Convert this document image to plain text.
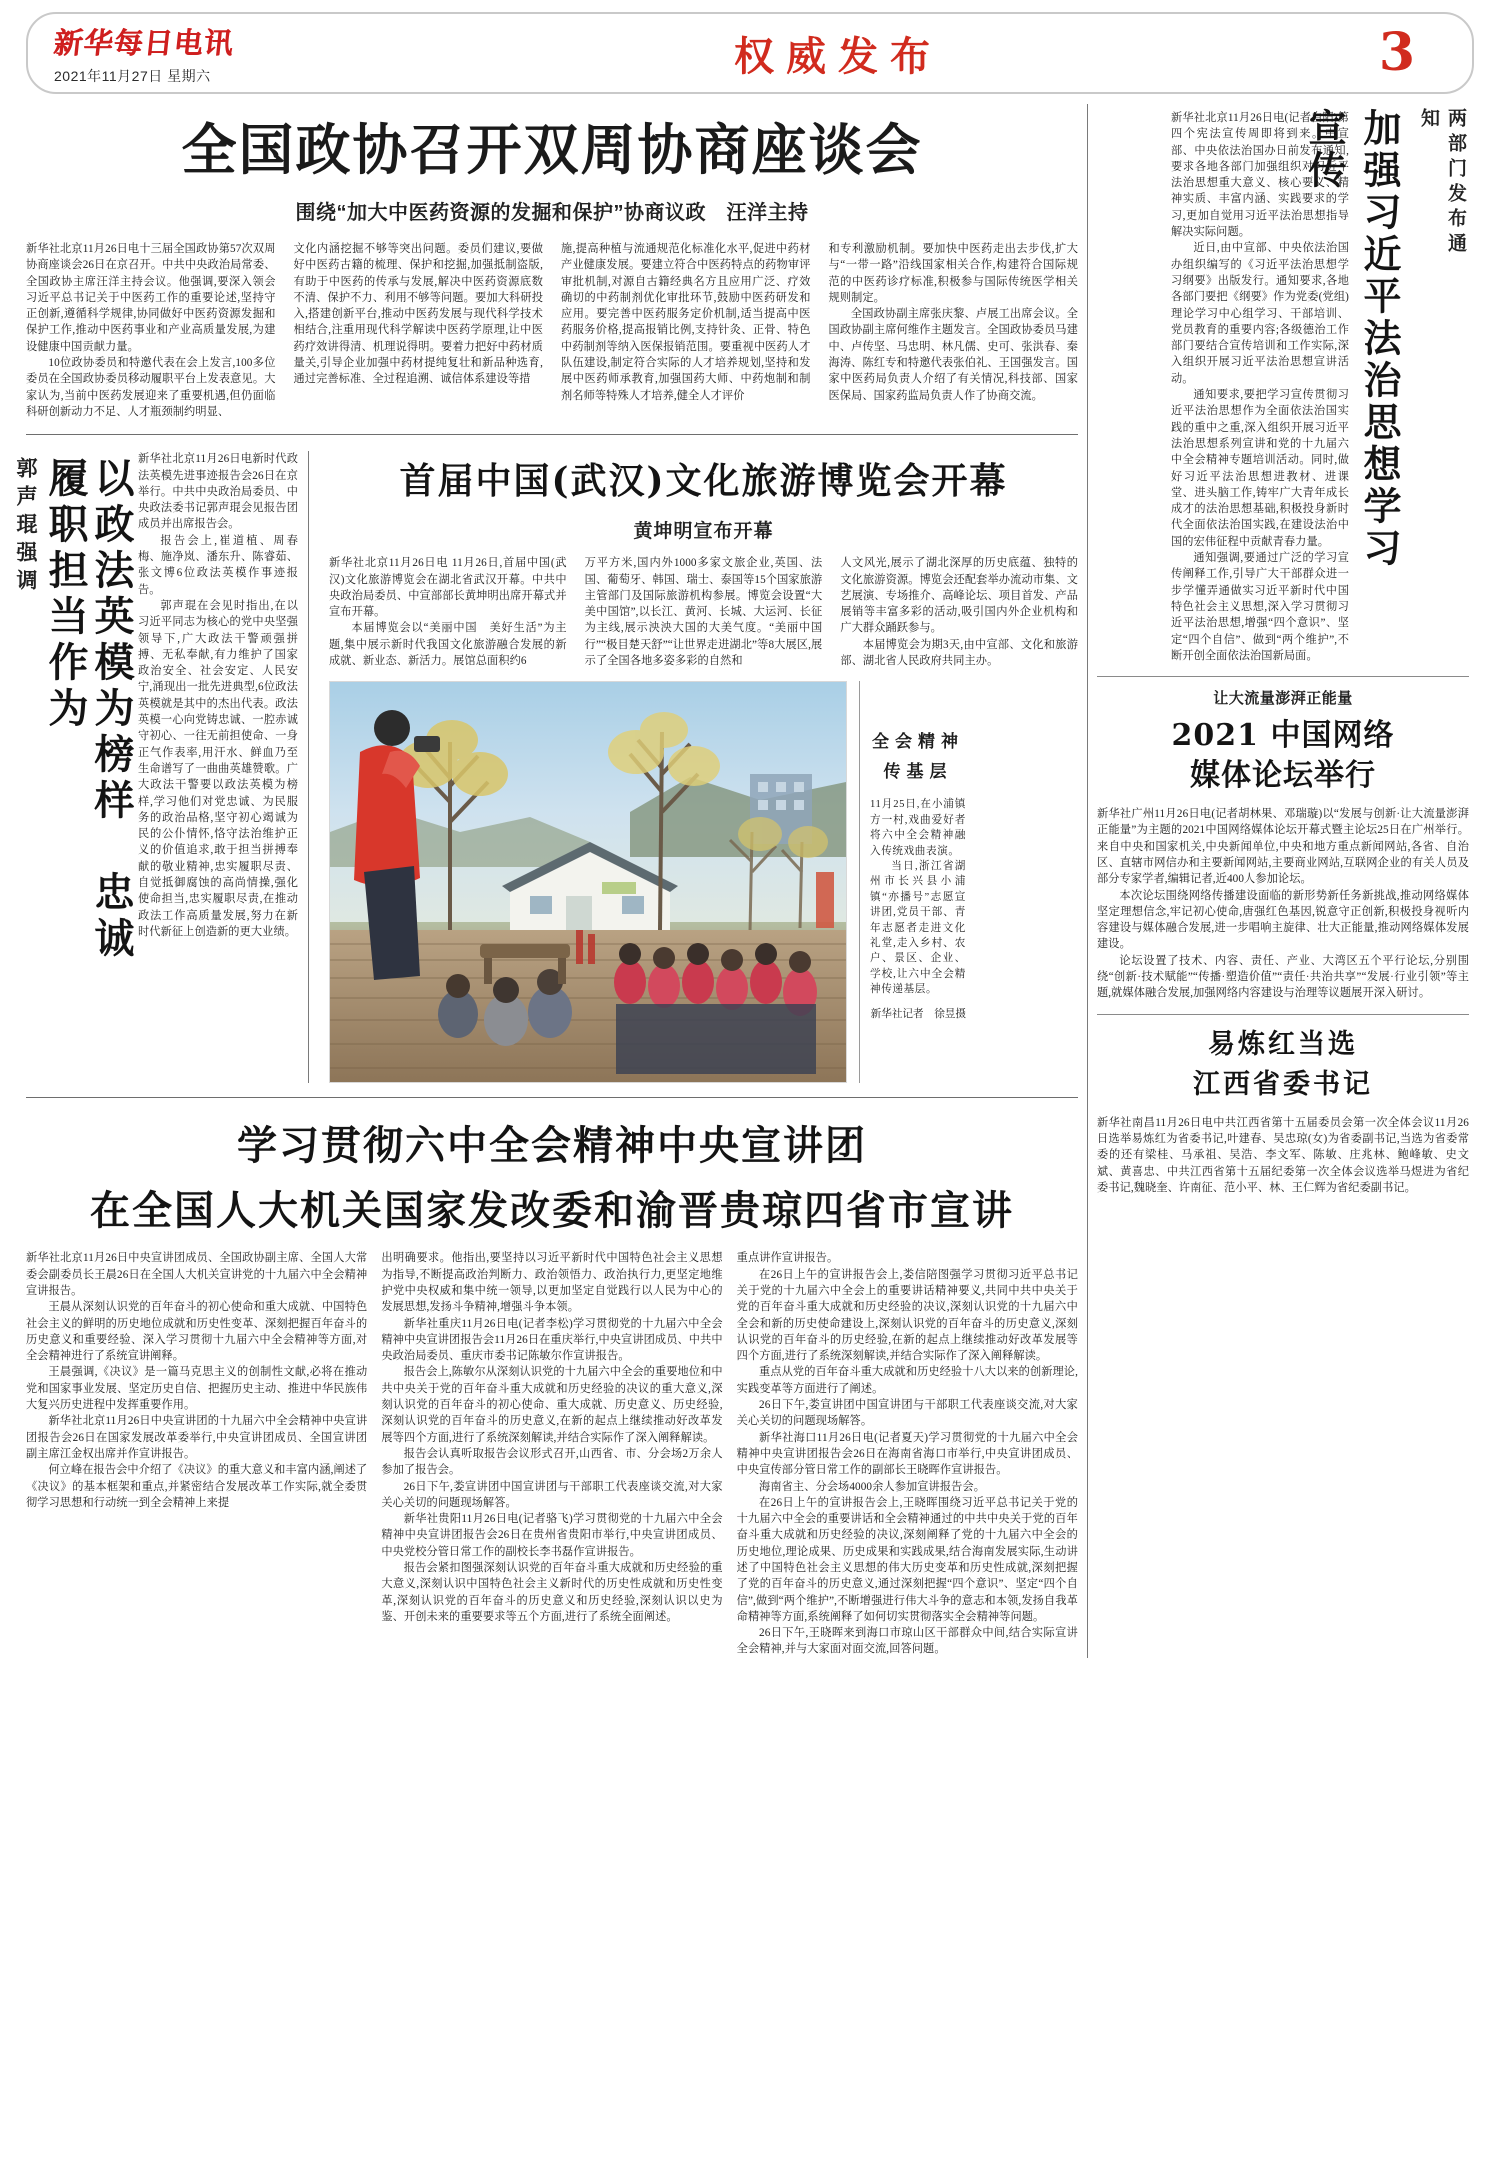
新华每日电讯
2021年11月27日 星期六	权威发布	3
全国政协召开双周协商座谈会
围绕“加大中医药资源的发掘和保护”协商议政　汪洋主持

新华社北京11月26日电十三届全国政协第57次双周协商座谈会26日在京召开。中共中央政治局常委、全国政协主席汪洋主持会议。他强调,要深入领会习近平总书记关于中医药工作的重要论述,坚持守正创新,遵循科学规律,协同做好中医药资源发掘和保护工作,推动中医药事业和产业高质量发展,为建设健康中国贡献力量。

10位政协委员和特邀代表在会上发言,100多位委员在全国政协委员移动履职平台上发表意见。大家认为,当前中医药发展迎来了重要机遇,但仍面临科研创新动力不足、人才瓶颈制约明显、

文化内涵挖掘不够等突出问题。委员们建议,要做好中医药古籍的梳理、保护和挖掘,加强抵制盗版,有助于中医药的传承与发展,解决中医药资源底数不清、保护不力、利用不够等问题。要加大科研投入,搭建创新平台,推动中医药发展与现代科学技术相结合,注重用现代科学解读中医药学原理,让中医药疗效讲得清、机理说得明。要着力把好中药材质量关,引导企业加强中药材提纯复壮和新品种选育,通过完善标准、全过程追溯、诚信体系建设等措

施,提高种植与流通规范化标准化水平,促进中药材产业健康发展。要建立符合中医药特点的药物审评审批机制,对源自古籍经典名方且应用广泛、疗效确切的中药制剂优化审批环节,鼓励中医药研发和应用。要完善中医药服务定价机制,适当提高中医药服务价格,提高报销比例,支持针灸、正骨、特色中药制剂等纳入医保报销范围。要重视中医药人才队伍建设,制定符合实际的人才培养规划,坚持和发展中医药师承教育,加强国药大师、中药炮制和制剂名师等特殊人才培养,健全人才评价

和专利激励机制。要加快中医药走出去步伐,扩大与“一带一路”沿线国家相关合作,构建符合国际规范的中医药诊疗标准,积极参与国际传统医学相关规则制定。

全国政协副主席张庆黎、卢展工出席会议。全国政协副主席何维作主题发言。全国政协委员马建中、卢传坚、马忠明、林凡儒、史可、张洪春、秦海涛、陈红专和特邀代表张伯礼、王国强发言。国家中医药局负责人介绍了有关情况,科技部、国家医保局、国家药监局负责人作了协商交流。

以政法英模为榜样　忠诚履职担当作为
郭声琨强调	新华社北京11月26日电新时代政法英模先进事迹报告会26日在京举行。中共中央政治局委员、中央政法委书记郭声琨会见报告团成员并出席报告会。

报告会上,崔道植、周春梅、施净岚、潘东升、陈睿茹、张文博6位政法英模作事迹报告。

郭声琨在会见时指出,在以习近平同志为核心的党中央坚强领导下,广大政法干警顽强拼搏、无私奉献,有力维护了国家政治安全、社会安定、人民安宁,涌现出一批先进典型,6位政法英模就是其中的杰出代表。政法英模一心向党铸忠诚、一腔赤诚守初心、一往无前担使命、一身正气作表率,用汗水、鲜血乃至生命谱写了一曲曲英雄赞歌。广大政法干警要以政法英模为榜样,学习他们对党忠诚、为民服务的政治品格,坚守初心竭诚为民的公仆情怀,恪守法治维护正义的价值追求,敢于担当拼搏奉献的敬业精神,忠实履职尽责、自觉抵御腐蚀的高尚情操,强化使命担当,忠实履职尽责,在推动政法工作高质量发展,努力在新时代新征上创造新的更大业绩。

首届中国(武汉)文化旅游博览会开幕
黄坤明宣布开幕

新华社北京11月26日电 11月26日,首届中国(武汉)文化旅游博览会在湖北省武汉开幕。中共中央政治局委员、中宣部部长黄坤明出席开幕式并宣布开幕。

本届博览会以“美丽中国　美好生活”为主题,集中展示新时代我国文化旅游融合发展的新成就、新业态、新活力。展馆总面积约6

万平方米,国内外1000多家文旅企业,英国、法国、葡萄牙、韩国、瑞士、泰国等15个国家旅游主管部门及国际旅游机构参展。博览会设置“大美中国馆”,以长江、黄河、长城、大运河、长征为主线,展示泱泱大国的大美气度。“美丽中国行”“极目楚天舒”“让世界走进湖北”等8大展区,展示了全国各地多姿多彩的自然和

人文风光,展示了湖北深厚的历史底蕴、独特的文化旅游资源。博览会还配套举办流动市集、文艺展演、专场推介、高峰论坛、项目首发、产品展销等丰富多彩的活动,吸引国内外企业机构和广大群众踊跃参与。

本届博览会为期3天,由中宣部、文化和旅游部、湖北省人民政府共同主办。

全会精神
传基层

11月25日,在小浦镇方一村,戏曲爱好者将六中全会精神融入传统戏曲表演。

当日,浙江省湖州市长兴县小浦镇“亦播号”志愿宣讲团,党员干部、青年志愿者走进文化礼堂,走入乡村、农户、景区、企业、学校,让六中全会精神传递基层。

新华社记者　徐昱摄
学习贯彻六中全会精神中央宣讲团
在全国人大机关国家发改委和渝晋贵琼四省市宣讲

新华社北京11月26日中央宣讲团成员、全国政协副主席、全国人大常委会副委员长王晨26日在全国人大机关宣讲党的十九届六中全会精神宣讲报告。

王晨从深刻认识党的百年奋斗的初心使命和重大成就、中国特色社会主义的鲜明的历史地位成就和历史性变革、深刻把握百年奋斗的历史意义和重要经验、深入学习贯彻十九届六中全会精神等方面,对全会精神进行了系统宣讲阐释。

王晨强调,《决议》是一篇马克思主义的创制性文献,必将在推动党和国家事业发展、坚定历史自信、把握历史主动、推进中华民族伟大复兴历史进程中发挥重要作用。

新华社北京11月26日中央宣讲团的十九届六中全会精神中央宣讲团报告会26日在国家发展改革委举行,中央宣讲团成员、全国宣讲团副主席江金权出席并作宣讲报告。

何立峰在报告会中介绍了《决议》的重大意义和丰富内涵,阐述了《决议》的基本框架和重点,并紧密结合发展改革工作实际,就全委贯彻学习思想和行动统一到全会精神上来提

出明确要求。他指出,要坚持以习近平新时代中国特色社会主义思想为指导,不断提高政治判断力、政治领悟力、政治执行力,更坚定地维护党中央权威和集中统一领导,以更加坚定自觉践行以人民为中心的发展思想,发扬斗争精神,增强斗争本领。

新华社重庆11月26日电(记者李松)学习贯彻党的十九届六中全会精神中央宣讲团报告会11月26日在重庆举行,中央宣讲团成员、中共中央政治局委员、重庆市委书记陈敏尔作宣讲报告。

报告会上,陈敏尔从深刻认识党的十九届六中全会的重要地位和中共中央关于党的百年奋斗重大成就和历史经验的决议的重大意义,深刻认识党的百年奋斗的初心使命、重大成就、历史意义、历史经验,深刻认识党的百年奋斗的历史意义,在新的起点上继续推动好改革发展等四个方面,进行了系统深刻解读,并结合实际作了深入阐释解读。

报告会认真听取报告会议形式召开,山西省、市、分会场2万余人参加了报告会。

26日下午,娄宣讲团中国宣讲团与干部职工代表座谈交流,对大家关心关切的问题现场解答。

新华社贵阳11月26日电(记者骆飞)学习贯彻党的十九届六中全会精神中央宣讲团报告会26日在贵州省贵阳市举行,中央宣讲团成员、中央党校分管日常工作的副校长李书磊作宣讲报告。

报告会紧扣图强深刻认识党的百年奋斗重大成就和历史经验的重大意义,深刻认识中国特色社会主义新时代的历史性成就和历史性变革,深刻认识党的百年奋斗的历史意义和历史经验,深刻认识以史为鉴、开创未来的重要要求等五个方面,进行了系统全面阐述。

重点讲作宣讲报告。

在26日上午的宣讲报告会上,娄信陪图强学习贯彻习近平总书记关于党的十九届六中全会上的重要讲话精神要义,共同中共中央关于党的百年奋斗重大成就和历史经验的决议,深刻认识党的十九届六中全会和新的历史使命建设上,深刻认识党的百年奋斗的历史意义,深刻认识党的百年奋斗的历史经验,在新的起点上继续推动好改革发展等四个方面,进行了系统深刻解读,并结合实际作了深入阐释解读。

重点从党的百年奋斗重大成就和历史经验十八大以来的创新理论,实践变革等方面进行了阐述。

26日下午,娄宣讲团中国宣讲团与干部职工代表座谈交流,对大家关心关切的问题现场解答。

新华社海口11月26日电(记者夏天)学习贯彻党的十九届六中全会精神中央宣讲团报告会26日在海南省海口市举行,中央宣讲团成员、中央宣传部分管日常工作的副部长王晓晖作宣讲报告。

海南省主、分会场4000余人参加宣讲报告会。

在26日上午的宣讲报告会上,王晓晖围绕习近平总书记关于党的十九届六中全会的重要讲话和全会精神通过的中共中央关于党的百年奋斗重大成就和历史经验的决议,深刻阐释了党的十九届六中全会的历史地位,理论成果、历史成果和实践成果,结合海南发展实际,生动讲述了中国特色社会主义思想的伟大历史变革和历史性成就,深刻把握了党的百年奋斗的历史意义,通过深刻把握“四个意识”、坚定“四个自信”,做到“两个维护”,不断增强进行伟大斗争的意志和本领,发扬自我革命精神等方面,系统阐释了如何切实贯彻落实全会精神等问题。

26日下午,王晓晖来到海口市琼山区干部群众中间,结合实际宣讲全会精神,并与大家面对面交流,回答问题。

两部门发布通知
加强习近平法治思想学习宣传

新华社北京11月26日电(记者白阳)第四个宪法宣传周即将到来。中宣部、中央依法治国办日前发布通知,要求各地各部门加强组织对习近平法治思想重大意义、核心要义、精神实质、丰富内涵、实践要求的学习,更加自觉用习近平法治思想指导解决实际问题。

近日,由中宣部、中央依法治国办组织编写的《习近平法治思想学习纲要》出版发行。通知要求,各地各部门要把《纲要》作为党委(党组)理论学习中心组学习、干部培训、党员教育的重要内容;各级德治工作部门要结合宣传培训和工作实际,深入组织开展习近平法治思想宣讲活动。

通知要求,要把学习宣传贯彻习近平法治思想作为全面依法治国实践的重中之重,深入组织开展习近平法治思想系列宣讲和党的十九届六中全会精神专题培训活动。同时,做好习近平法治思想进教材、进课堂、进头脑工作,铸牢广大青年成长成才的法治思想基础,积极投身新时代全面依法治国实践,在建设法治中国的宏伟征程中贡献青春力量。

通知强调,要通过广泛的学习宣传阐释工作,引导广大干部群众进一步学懂弄通做实习近平新时代中国特色社会主义思想,深入学习贯彻习近平法治思想,增强“四个意识”、坚定“四个自信”、做到“两个维护”,不断开创全面依法治国新局面。

让大流量澎湃正能量
2021 中国网络
媒体论坛举行

新华社广州11月26日电(记者胡林果、邓瑞璇)以“发展与创新·让大流量澎湃正能量”为主题的2021中国网络媒体论坛开幕式暨主论坛25日在广州举行。来自中央和国家机关,中央新闻单位,中央和地方重点新闻网站,各省、自治区、直辖市网信办和主要新闻网站,主要商业网站,互联网企业的有关人员及部分专家学者,编辑记者,近400人参加论坛。

本次论坛围绕网络传播建设面临的新形势新任务新挑战,推动网络媒体坚定理想信念,牢记初心使命,唐强红色基因,锐意守正创新,积极投身视听内容建设与媒体融合发展,进一步唱响主旋律、壮大正能量,推动网络媒体发展建设。

论坛设置了技术、内容、责任、产业、大湾区五个平行论坛,分别围绕“创新·技术赋能”“传播·塑造价值”“责任·共治共享”“发展·行业引领”等主题,就媒体融合发展,加强网络内容建设与治理等议题展开深入研讨。

易炼红当选
江西省委书记

新华社南昌11月26日电中共江西省第十五届委员会第一次全体会议11月26日选举易炼红为省委书记,叶建春、吴忠琼(女)为省委副书记,当选为省委常委的还有梁桂、马承祖、吴浩、李文军、陈敏、庄兆林、鲍峰敏、史文斌、黄喜忠、中共江西省第十五届纪委第一次全体会议选举马煜进为省纪委书记,魏晓奎、许南征、范小平、林、王仁辉为省纪委副书记。
